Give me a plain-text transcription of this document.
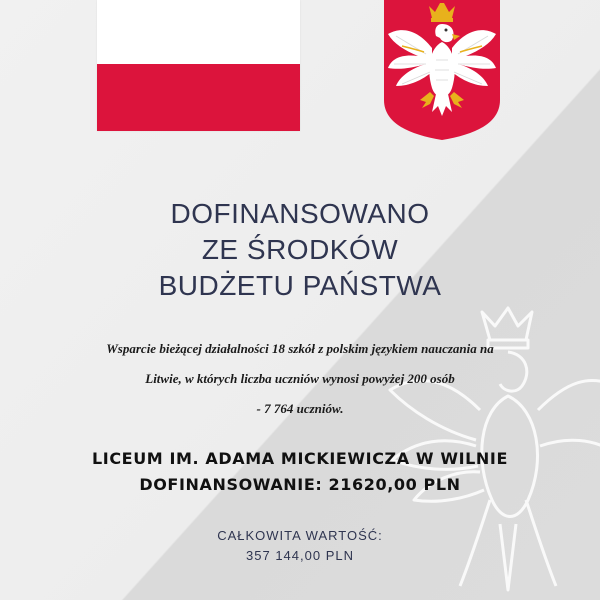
DOFINANSOWANO
ZE ŚRODKÓW
BUDŻETU PAŃSTWA
Wsparcie bieżącej działalności 18 szkół z polskim językiem nauczania na
Litwie, w których liczba uczniów wynosi powyżej 200 osób
- 7 764 uczniów.
LICEUM IM. ADAMA MICKIEWICZA W WILNIE
DOFINANSOWANIE: 21620,00 PLN
CAŁKOWITA WARTOŚĆ:
357 144,00 PLN
